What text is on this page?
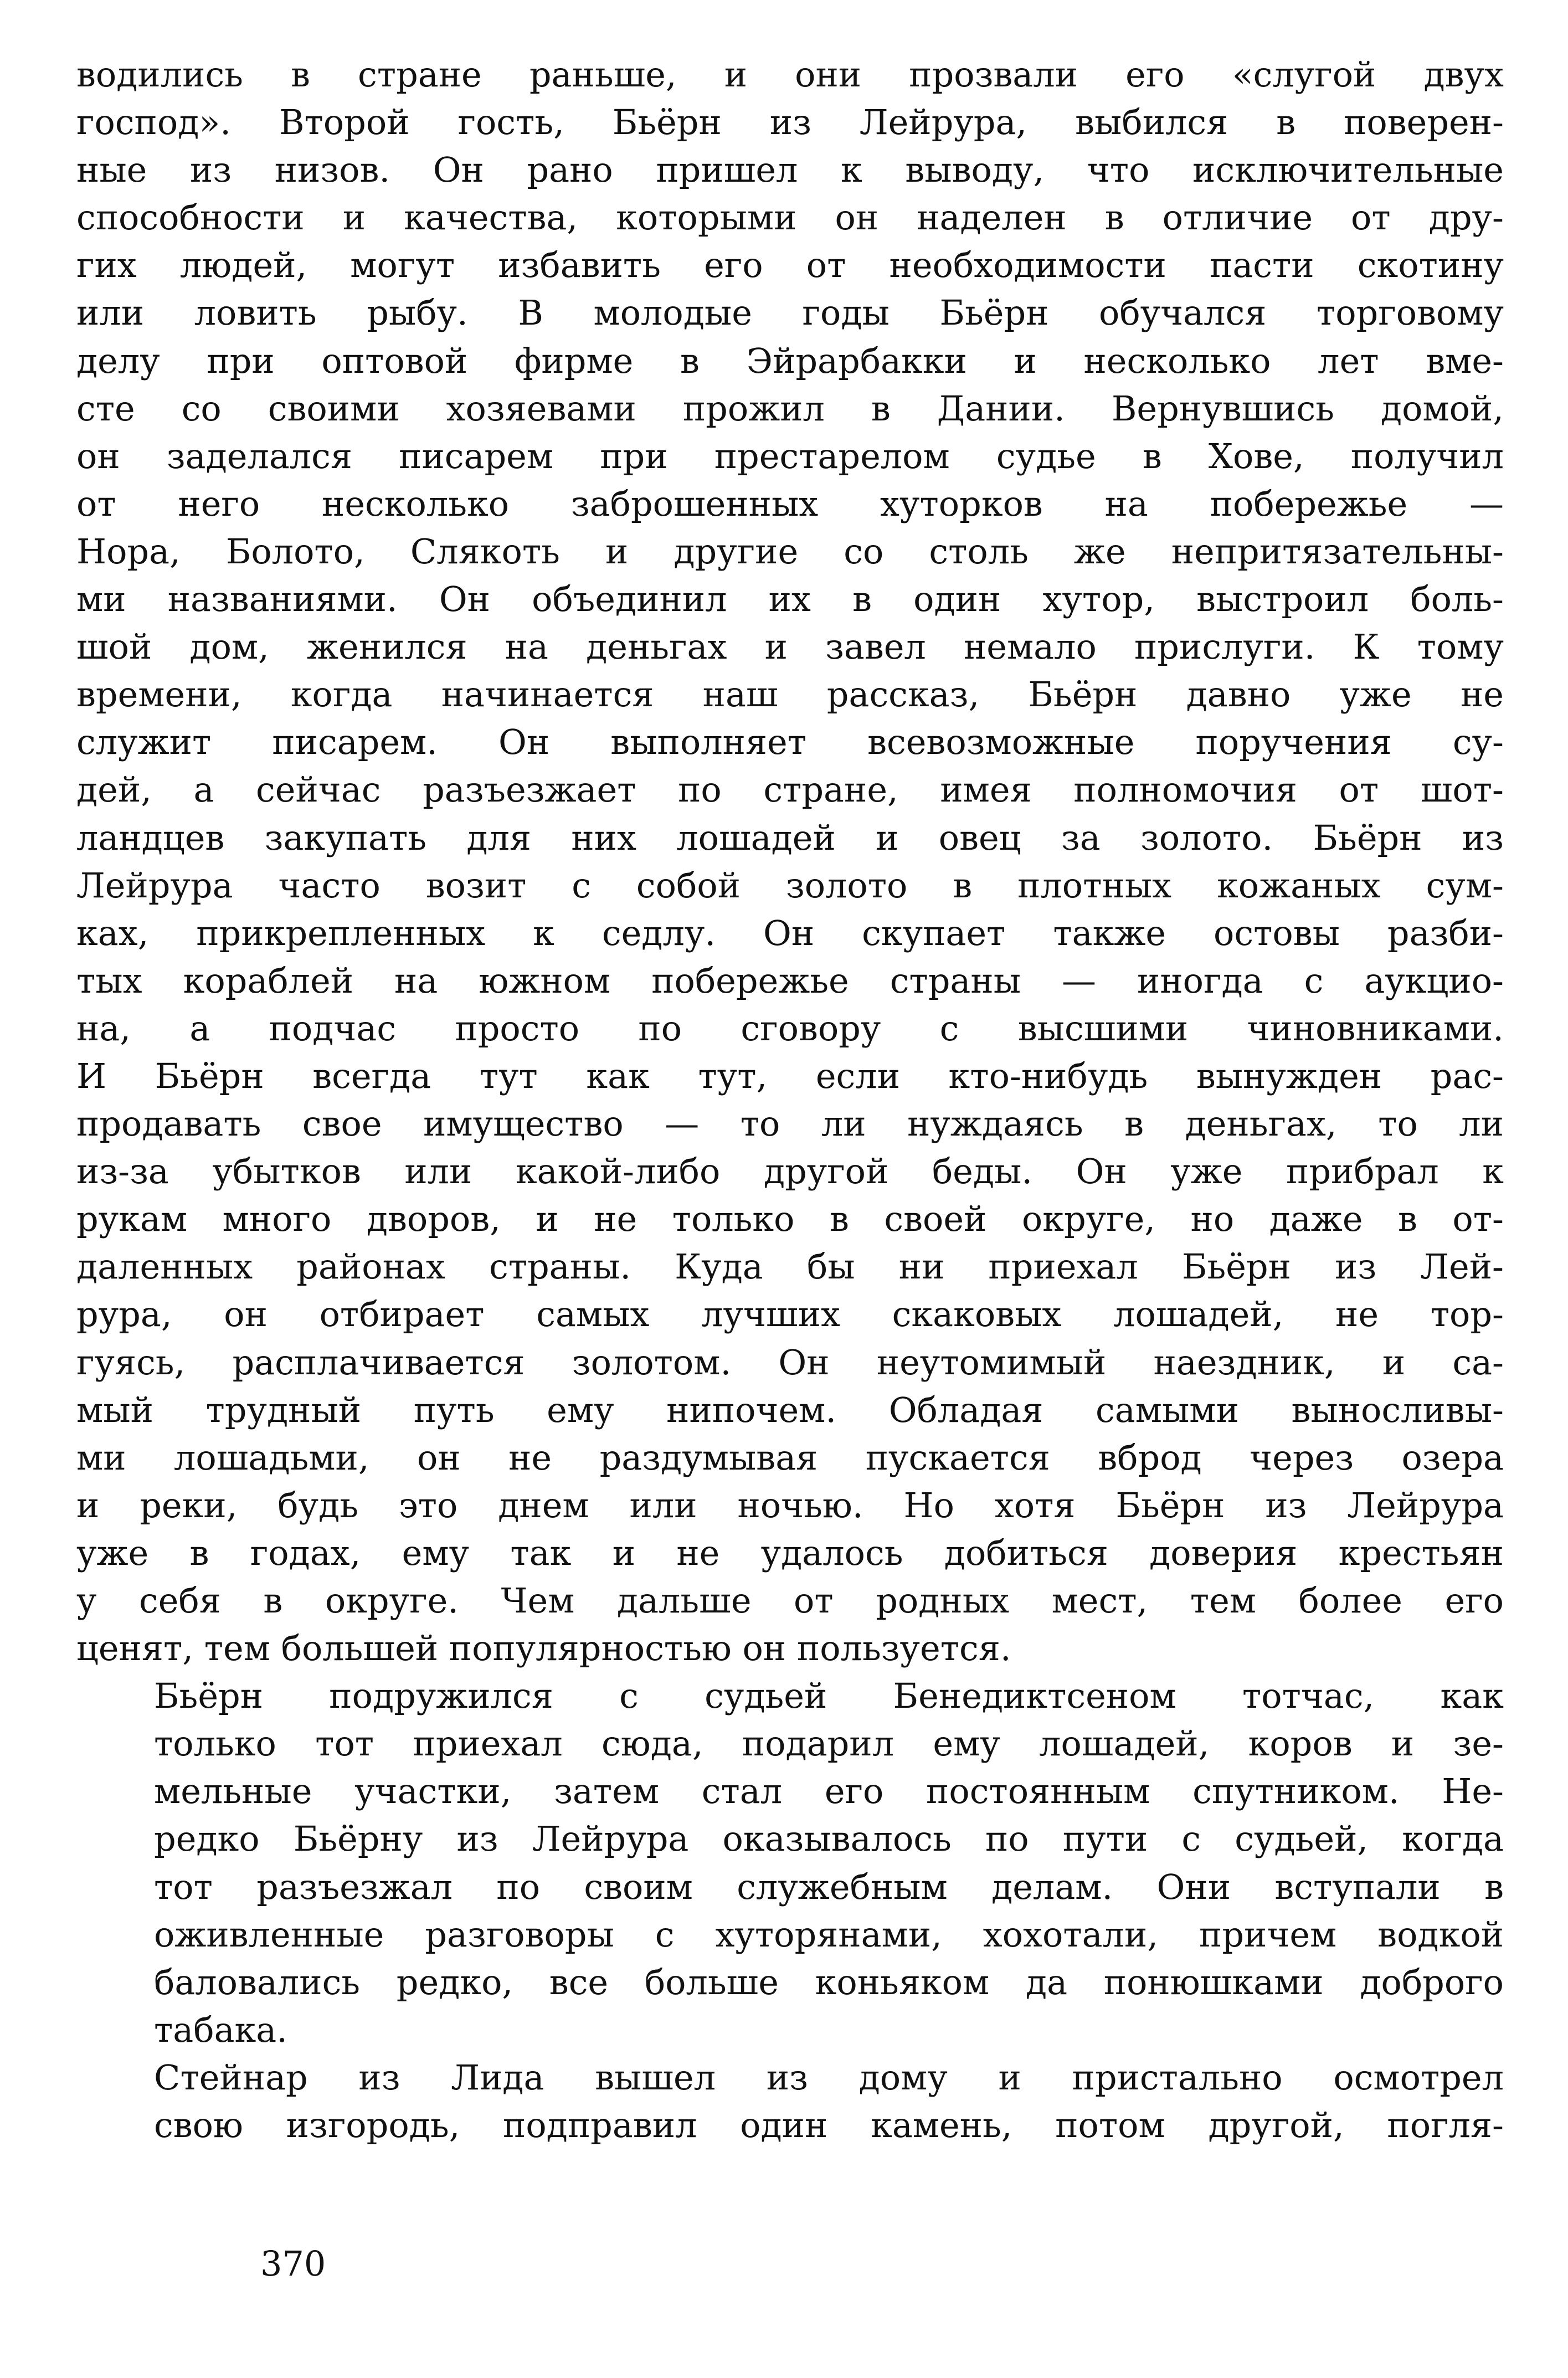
водились в стране раньше, и они прозвали его «слугой двух
господ». Второй гость, Бьёрн из Лейрура, выбился в поверен-
ные из низов. Он рано пришел к выводу, что исключительные
способности и качества, которыми он наделен в отличие от дру-
гих людей, могут избавить его от необходимости пасти скотину
или ловить рыбу. В молодые годы Бьёрн обучался торговому
делу при оптовой фирме в Эйрарбакки и несколько лет вме-
сте со своими хозяевами прожил в Дании. Вернувшись домой,
он заделался писарем при престарелом судье в Хове, получил
от него несколько заброшенных хуторков на побережье —
Нора, Болото, Слякоть и другие со столь же непритязательны-
ми названиями. Он объединил их в один хутор, выстроил боль-
шой дом, женился на деньгах и завел немало прислуги. К тому
времени, когда начинается наш рассказ, Бьёрн давно уже не
служит писарем. Он выполняет всевозможные поручения су-
дей, а сейчас разъезжает по стране, имея полномочия от шот-
ландцев закупать для них лошадей и овец за золото. Бьёрн из
Лейрура часто возит с собой золото в плотных кожаных сум-
ках, прикрепленных к седлу. Он скупает также остовы разби-
тых кораблей на южном побережье страны — иногда с аукцио-
на, а подчас просто по сговору с высшими чиновниками.
И Бьёрн всегда тут как тут, если кто-нибудь вынужден рас-
продавать свое имущество — то ли нуждаясь в деньгах, то ли
из-за убытков или какой-либо другой беды. Он уже прибрал к
рукам много дворов, и не только в своей округе, но даже в от-
даленных районах страны. Куда бы ни приехал Бьёрн из Лей-
рура, он отбирает самых лучших скаковых лошадей, не тор-
гуясь, расплачивается золотом. Он неутомимый наездник, и са-
мый трудный путь ему нипочем. Обладая самыми выносливы-
ми лошадьми, он не раздумывая пускается вброд через озера
и реки, будь это днем или ночью. Но хотя Бьёрн из Лейрура
уже в годах, ему так и не удалось добиться доверия крестьян
у себя в округе. Чем дальше от родных мест, тем более его
ценят, тем большей популярностью он пользуется.
Бьёрн подружился с судьей Бенедиктсеном тотчас, как
только тот приехал сюда, подарил ему лошадей, коров и зе-
мельные участки, затем стал его постоянным спутником. Не-
редко Бьёрну из Лейрура оказывалось по пути с судьей, когда
тот разъезжал по своим служебным делам. Они вступали в
оживленные разговоры с хуторянами, хохотали, причем водкой
баловались редко, все больше коньяком да понюшками доброго
табака.
Стейнар из Лида вышел из дому и пристально осмотрел
свою изгородь, подправил один камень, потом другой, погля-
370
